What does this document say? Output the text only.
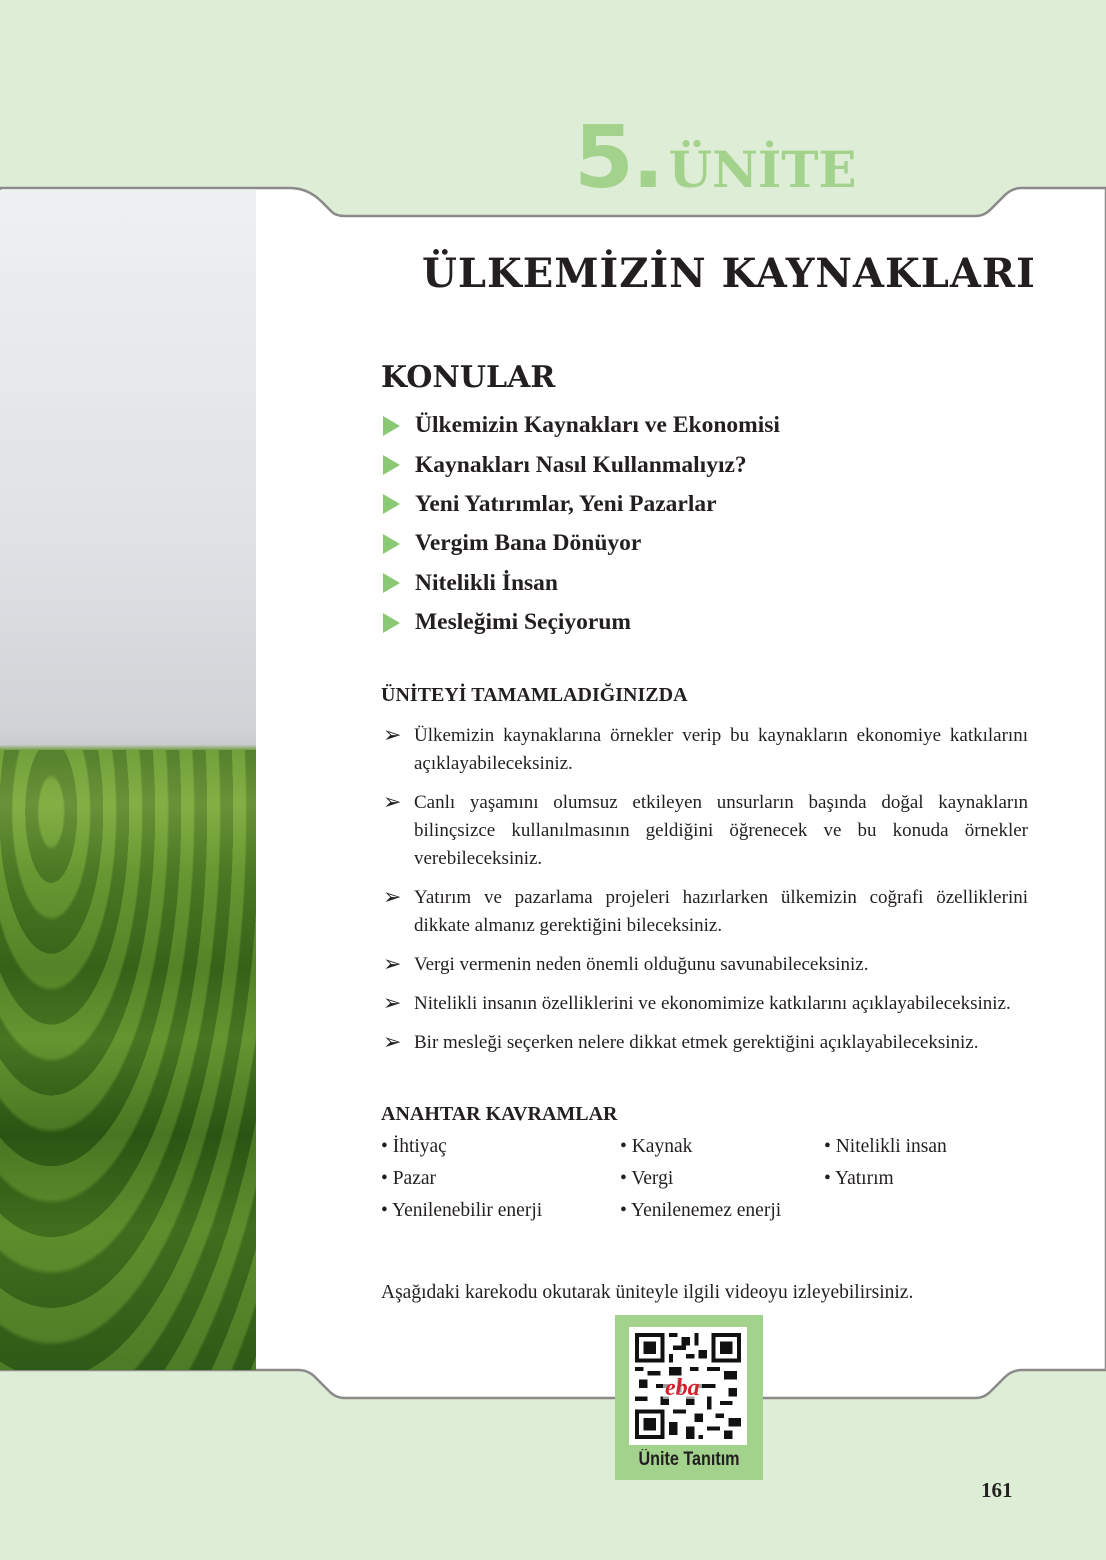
5. ÜNİTE
ÜLKEMİZİN KAYNAKLARI
KONULAR
Ülkemizin Kaynakları ve Ekonomisi
Kaynakları Nasıl Kullanmalıyız?
Yeni Yatırımlar, Yeni Pazarlar
Vergim Bana Dönüyor
Nitelikli İnsan
Mesleğimi Seçiyorum
ÜNİTEYİ TAMAMLADIĞINIZDA
➢ Ülkemizin kaynaklarına örnekler verip bu kaynakların ekonomiye katkılarını açıklayabileceksiniz.
➢ Canlı yaşamını olumsuz etkileyen unsurların başında doğal kaynakların bilinçsizce kullanılmasının geldiğini öğrenecek ve bu konuda örnekler verebileceksiniz.
➢ Yatırım ve pazarlama projeleri hazırlarken ülkemizin coğrafi özelliklerini dikkate almanız gerektiğini bileceksiniz.
➢ Vergi vermenin neden önemli olduğunu savunabileceksiniz.
➢ Nitelikli insanın özelliklerini ve ekonomimize katkılarını açıklayabileceksiniz.
➢ Bir mesleği seçerken nelere dikkat etmek gerektiğini açıklayabileceksiniz.
ANAHTAR KAVRAMLAR
• İhtiyaç	• Kaynak	• Nitelikli insan
• Pazar	• Vergi	• Yatırım
• Yenilenebilir enerji	• Yenilenemez enerji
Aşağıdaki karekodu okutarak üniteyle ilgili videoyu izleyebilirsiniz.
eba
Ünite Tanıtım
161
